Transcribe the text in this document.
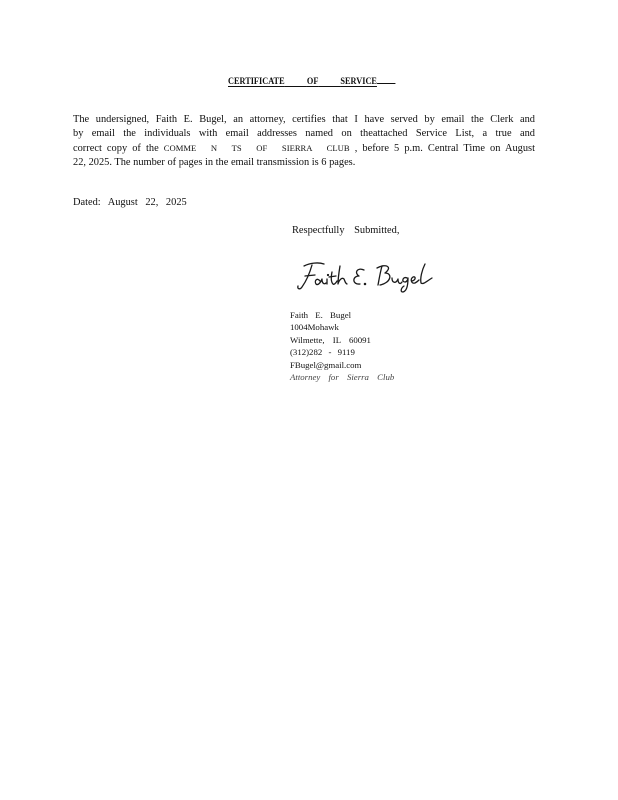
CERTIFICATE OF SERVICE
The undersigned, Faith E. Bugel, an attorney, certifies that I have served by email the Clerk and
by email the individuals with email addresses named on theattached Service List, a true and
correct copy of the COMME N TS OF SIERRA CLUB , before 5 p.m. Central Time on August
22, 2025. The number of pages in the email transmission is 6 pages.
Dated: August 22, 2025
Respectfully Submitted,
Faith E. Bugel
1004Mohawk
Wilmette, IL 60091
(312)282 - 9119
FBugel@gmail.com
Attorney for Sierra Club
